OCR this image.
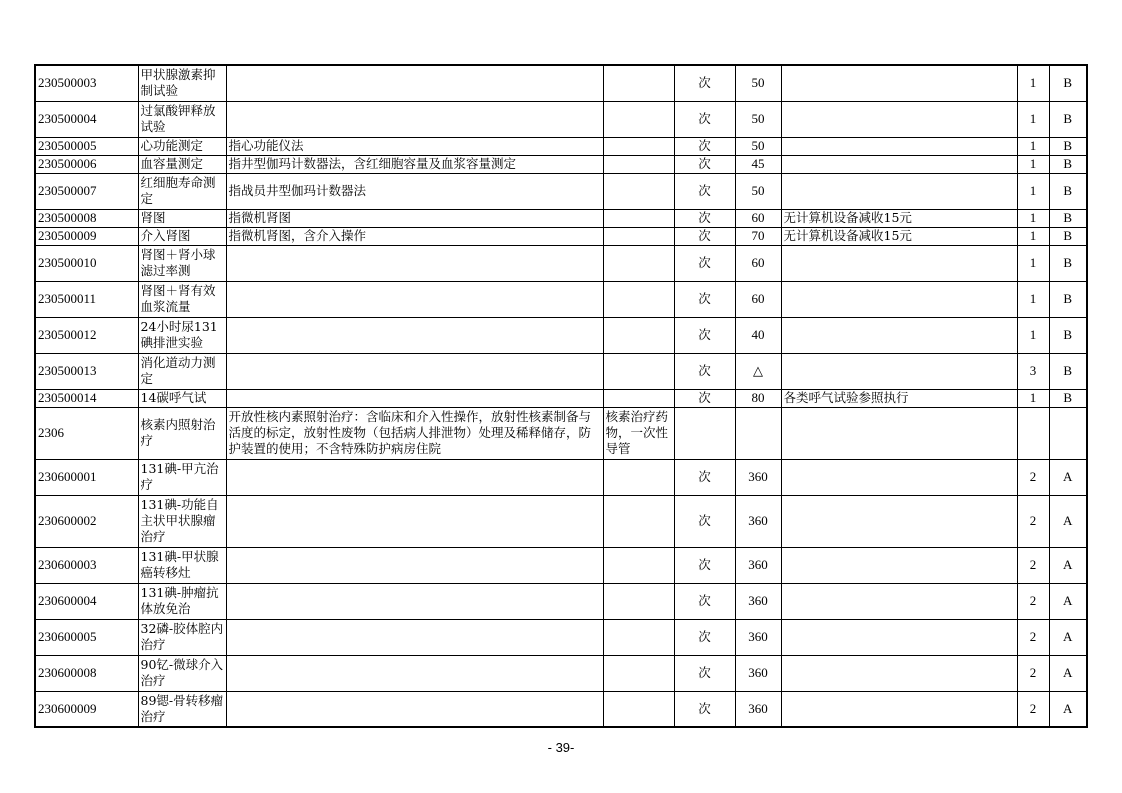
230500003	甲状腺激素抑制试验			次	50		1	B
230500004	过氯酸钾释放试验			次	50		1	B
230500005	心功能测定	指心功能仪法		次	50		1	B
230500006	血容量测定	指井型伽玛计数器法，含红细胞容量及血浆容量测定		次	45		1	B
230500007	红细胞寿命测定	指战员井型伽玛计数器法		次	50		1	B
230500008	肾图	指微机肾图		次	60	无计算机设备减收15元	1	B
230500009	介入肾图	指微机肾图，含介入操作		次	70	无计算机设备减收15元	1	B
230500010	肾图＋肾小球滤过率测			次	60		1	B
230500011	肾图＋肾有效血浆流量			次	60		1	B
230500012	24小时尿131碘排泄实验			次	40		1	B
230500013	消化道动力测定			次	△		3	B
230500014	14碳呼气试			次	80	各类呼气试验参照执行	1	B
2306	核素内照射治疗	开放性核内素照射治疗：含临床和介入性操作，放射性核素制备与活度的标定，放射性废物（包括病人排泄物）处理及稀释储存，防护装置的使用；不含特殊防护病房住院	核素治疗药物，一次性导管					
230600001	131碘-甲亢治疗			次	360		2	A
230600002	131碘-功能自主状甲状腺瘤治疗			次	360		2	A
230600003	131碘-甲状腺癌转移灶			次	360		2	A
230600004	131碘-肿瘤抗体放免治			次	360		2	A
230600005	32磷-胶体腔内治疗			次	360		2	A
230600008	90钇-微球介入治疗			次	360		2	A
230600009	89锶-骨转移瘤治疗			次	360		2	A
- 39-
